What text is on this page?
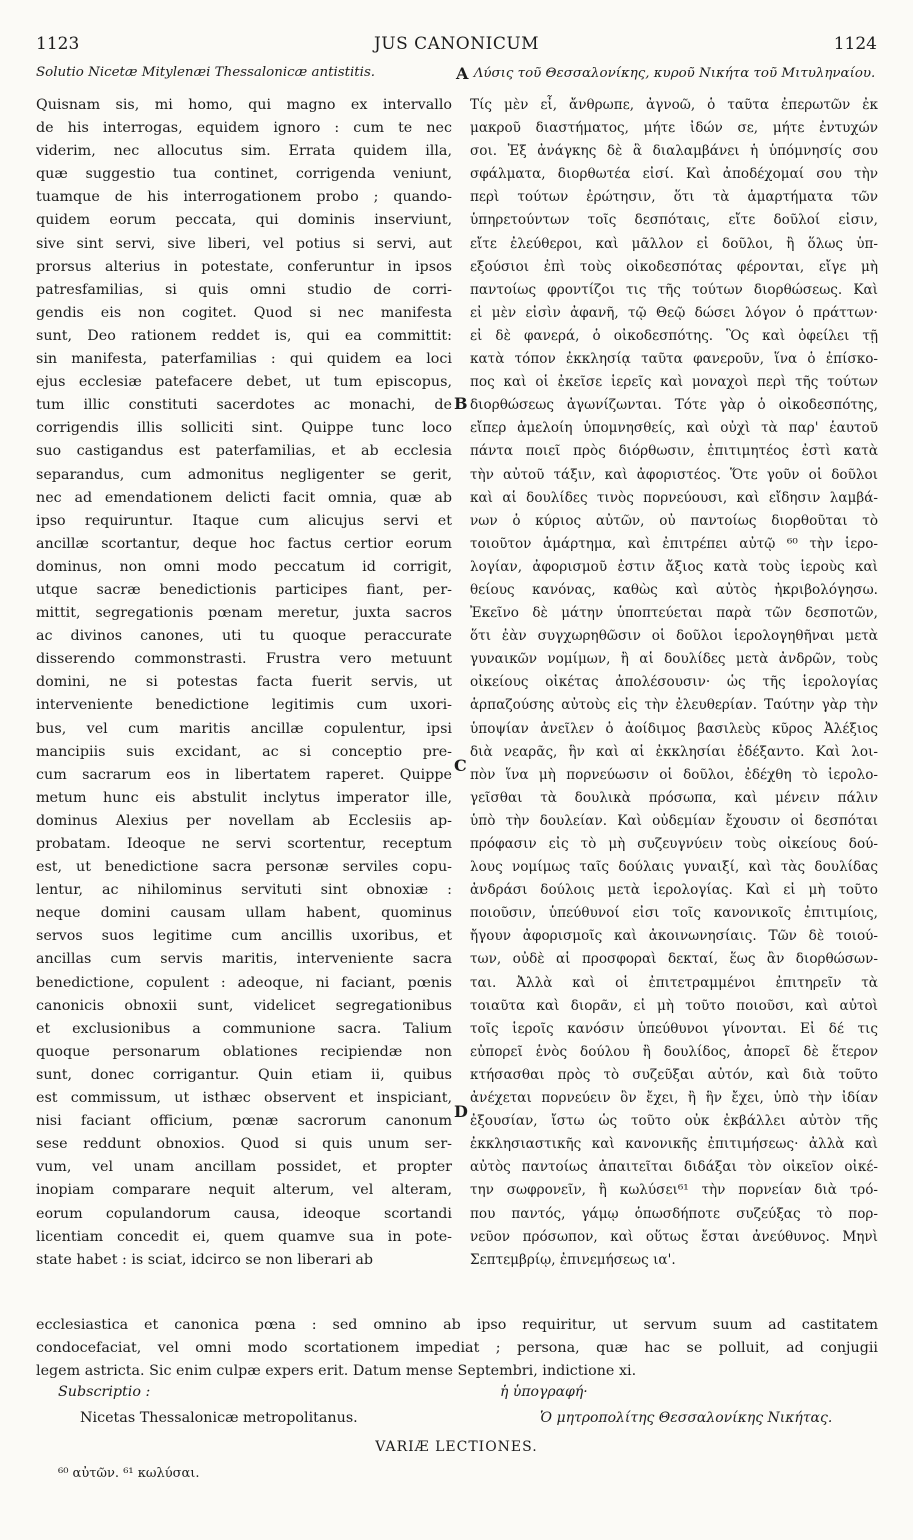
1123	JUS CANONICUM	1124
Solutio Nicetæ Mitylenæi Thessalonicæ antistitis.	A Λύσις τοῦ Θεσσαλονίκης, κυροῦ Νικήτα τοῦ Μιτυληναίου.
Quisnam sis, mi homo, qui magno ex intervallo
de his interrogas, equidem ignoro : cum te nec
viderim, nec allocutus sim. Errata quidem illa,
quæ suggestio tua continet, corrigenda veniunt,
tuamque de his interrogationem probo ; quando-
quidem eorum peccata, qui dominis inserviunt,
sive sint servi, sive liberi, vel potius si servi, aut
prorsus alterius in potestate, conferuntur in ipsos
patresfamilias, si quis omni studio de corri-
gendis eis non cogitet. Quod si nec manifesta
sunt, Deo rationem reddet is, qui ea committit:
sin manifesta, paterfamilias : qui quidem ea loci
ejus ecclesiæ patefacere debet, ut tum episcopus,
tum illic constituti sacerdotes ac monachi, de
corrigendis illis solliciti sint. Quippe tunc loco
suo castigandus est paterfamilias, et ab ecclesia
separandus, cum admonitus negligenter se gerit,
nec ad emendationem delicti facit omnia, quæ ab
ipso requiruntur. Itaque cum alicujus servi et
ancillæ scortantur, deque hoc factus certior eorum
dominus, non omni modo peccatum id corrigit,
utque sacræ benedictionis participes fiant, per-
mittit, segregationis pœnam meretur, juxta sacros
ac divinos canones, uti tu quoque peraccurate
disserendo commonstrasti. Frustra vero metuunt
domini, ne si potestas facta fuerit servis, ut
interveniente benedictione legitimis cum uxori-
bus, vel cum maritis ancillæ copulentur, ipsi
mancipiis suis excidant, ac si conceptio pre-
cum sacrarum eos in libertatem raperet. Quippe
metum hunc eis abstulit inclytus imperator ille,
dominus Alexius per novellam ab Ecclesiis ap-
probatam. Ideoque ne servi scortentur, receptum
est, ut benedictione sacra personæ serviles copu-
lentur, ac nihilominus servituti sint obnoxiæ :
neque domini causam ullam habent, quominus
servos suos legitime cum ancillis uxoribus, et
ancillas cum servis maritis, interveniente sacra
benedictione, copulent : adeoque, ni faciant, pœnis
canonicis obnoxii sunt, videlicet segregationibus
et exclusionibus a communione sacra. Talium
quoque personarum oblationes recipiendæ non
sunt, donec corrigantur. Quin etiam ii, quibus
est commissum, ut isthæc observent et inspiciant,
nisi faciant officium, pœnæ sacrorum canonum
sese reddunt obnoxios. Quod si quis unum ser-
vum, vel unam ancillam possidet, et propter
inopiam comparare nequit alterum, vel alteram,
eorum copulandorum causa, ideoque scortandi
licentiam concedit ei, quem quamve sua in pote-
state habet : is sciat, idcirco se non liberari ab
B
C
D
Τίς μὲν εἶ, ἄνθρωπε, ἀγνοῶ, ὁ ταῦτα ἐπερωτῶν ἐκ
μακροῦ διαστήματος, μήτε ἰδών σε, μήτε ἐντυχών
σοι. Ἐξ ἀνάγκης δὲ ἃ διαλαμβάνει ἡ ὑπόμνησίς σου
σφάλματα, διορθωτέα εἰσί. Καὶ ἀποδέχομαί σου τὴν
περὶ τούτων ἐρώτησιν, ὅτι τὰ ἁμαρτήματα τῶν
ὑπηρετούντων τοῖς δεσπόταις, εἴτε δοῦλοί εἰσιν,
εἴτε ἐλεύθεροι, καὶ μᾶλλον εἰ δοῦλοι, ἢ ὅλως ὑπ-
εξούσιοι ἐπὶ τοὺς οἰκοδεσπότας φέρονται, εἴγε μὴ
παντοίως φροντίζοι τις τῆς τούτων διορθώσεως. Καὶ
εἰ μὲν εἰσὶν ἀφανῆ, τῷ Θεῷ δώσει λόγον ὁ πράττων·
εἰ δὲ φανερά, ὁ οἰκοδεσπότης. Ὃς καὶ ὀφείλει τῇ
κατὰ τόπον ἐκκλησίᾳ ταῦτα φανεροῦν, ἵνα ὁ ἐπίσκο-
πος καὶ οἱ ἐκεῖσε ἱερεῖς καὶ μοναχοὶ περὶ τῆς τούτων
διορθώσεως ἀγωνίζωνται. Τότε γὰρ ὁ οἰκοδεσπότης,
εἴπερ ἀμελοίη ὑπομνησθείς, καὶ οὐχὶ τὰ παρ' ἑαυτοῦ
πάντα ποιεῖ πρὸς διόρθωσιν, ἐπιτιμητέος ἐστὶ κατὰ
τὴν αὐτοῦ τάξιν, καὶ ἀφοριστέος. Ὅτε γοῦν οἱ δοῦλοι
καὶ αἱ δουλίδες τινὸς πορνεύουσι, καὶ εἴδησιν λαμβά-
νων ὁ κύριος αὐτῶν, οὐ παντοίως διορθοῦται τὸ
τοιοῦτον ἁμάρτημα, καὶ ἐπιτρέπει αὐτῷ ⁶⁰ τὴν ἱερο-
λογίαν, ἀφορισμοῦ ἐστιν ἄξιος κατὰ τοὺς ἱεροὺς καὶ
θείους κανόνας, καθὼς καὶ αὐτὸς ἠκριβολόγησω.
Ἐκεῖνο δὲ μάτην ὑποπτεύεται παρὰ τῶν δεσποτῶν,
ὅτι ἐὰν συγχωρηθῶσιν οἱ δοῦλοι ἱερολογηθῆναι μετὰ
γυναικῶν νομίμων, ἢ αἱ δουλίδες μετὰ ἀνδρῶν, τοὺς
οἰκείους οἰκέτας ἀπολέσουσιν· ὡς τῆς ἱερολογίας
ἁρπαζούσης αὐτοὺς εἰς τὴν ἐλευθερίαν. Ταύτην γὰρ τὴν
ὑποψίαν ἀνεῖλεν ὁ ἀοίδιμος βασιλεὺς κῦρος Ἀλέξιος
διὰ νεαρᾶς, ἣν καὶ αἱ ἐκκλησίαι ἐδέξαντο. Καὶ λοι-
πὸν ἵνα μὴ πορνεύωσιν οἱ δοῦλοι, ἐδέχθη τὸ ἱερολο-
γεῖσθαι τὰ δουλικὰ πρόσωπα, καὶ μένειν πάλιν
ὑπὸ τὴν δουλείαν. Καὶ οὐδεμίαν ἔχουσιν οἱ δεσπόται
πρόφασιν εἰς τὸ μὴ συζευγνύειν τοὺς οἰκείους δού-
λους νομίμως ταῖς δούλαις γυναιξί, καὶ τὰς δουλίδας
ἀνδράσι δούλοις μετὰ ἱερολογίας. Καὶ εἰ μὴ τοῦτο
ποιοῦσιν, ὑπεύθυνοί εἰσι τοῖς κανονικοῖς ἐπιτιμίοις,
ἤγουν ἀφορισμοῖς καὶ ἀκοινωνησίαις. Τῶν δὲ τοιού-
των, οὐδὲ αἱ προσφοραὶ δεκταί, ἕως ἂν διορθώσων-
ται. Ἀλλὰ καὶ οἱ ἐπιτετραμμένοι ἐπιτηρεῖν τὰ
τοιαῦτα καὶ διορᾶν, εἰ μὴ τοῦτο ποιοῦσι, καὶ αὐτοὶ
τοῖς ἱεροῖς κανόσιν ὑπεύθυνοι γίνονται. Εἰ δέ τις
εὐπορεῖ ἑνὸς δούλου ἢ δουλίδος, ἀπορεῖ δὲ ἕτερον
κτήσασθαι πρὸς τὸ συζεῦξαι αὐτόν, καὶ διὰ τοῦτο
ἀνέχεται πορνεύειν ὃν ἔχει, ἢ ἣν ἔχει, ὑπὸ τὴν ἰδίαν
ἐξουσίαν, ἴστω ὡς τοῦτο οὐκ ἐκβάλλει αὐτὸν τῆς
ἐκκλησιαστικῆς καὶ κανονικῆς ἐπιτιμήσεως· ἀλλὰ καὶ
αὐτὸς παντοίως ἀπαιτεῖται διδάξαι τὸν οἰκεῖον οἰκέ-
την σωφρονεῖν, ἢ κωλύσει⁶¹ τὴν πορνείαν διὰ τρό-
που παντός, γάμῳ ὁπωσδήποτε συζεύξας τὸ πορ-
νεῦον πρόσωπον, καὶ οὕτως ἔσται ἀνεύθυνος. Μηνὶ
Σεπτεμβρίῳ, ἐπινεμήσεως ια'.
ecclesiastica et canonica pœna : sed omnino ab ipso requiritur, ut servum suum ad castitatem
condocefaciat, vel omni modo scortationem impediat ; persona, quæ hac se polluit, ad conjugii
legem astricta. Sic enim culpæ expers erit. Datum mense Septembri, indictione xi.
Subscriptio :
Nicetas Thessalonicæ metropolitanus.
ἡ ὑπογραφή·
Ὁ μητροπολίτης Θεσσαλονίκης Νικήτας.
VARIÆ LECTIONES.
⁶⁰ αὐτῶν. ⁶¹ κωλύσαι.
